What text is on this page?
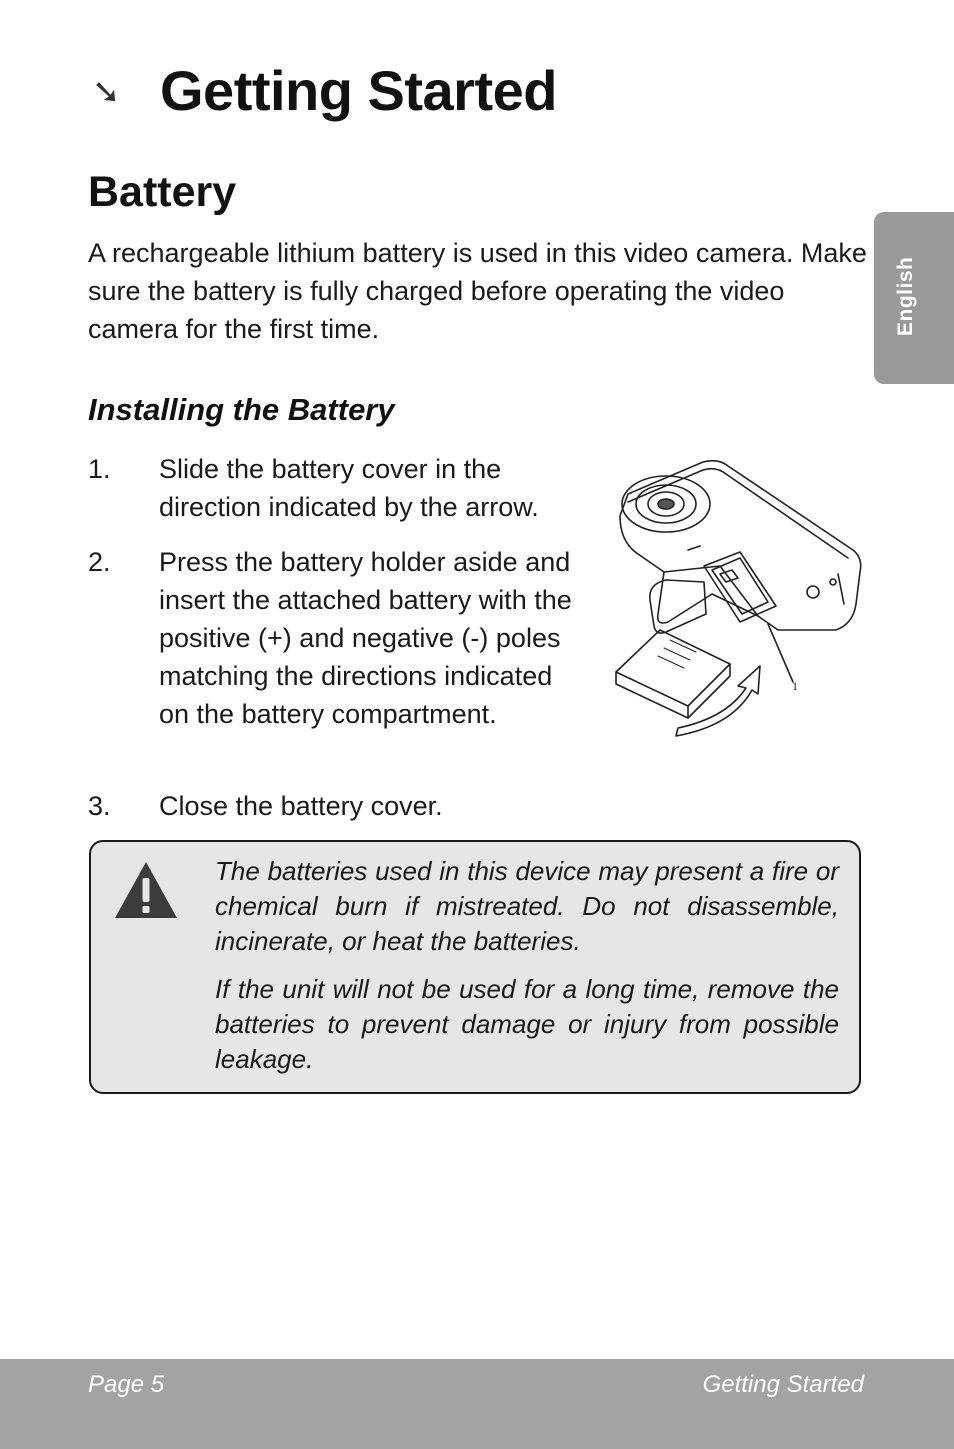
➘ Getting Started
English
Battery

A rechargeable lithium battery is used in this video camera. Make sure the battery is fully charged before operating the video camera for the first time.

Installing the Battery
1. Slide the battery cover in the direction indicated by the arrow.
2. Press the battery holder aside and insert the attached battery with the positive (+) and negative (-) poles matching the directions indicated on the battery compartment.
3. Close the battery cover.
1

The batteries used in this device may present a fire or chemical burn if mistreated. Do not disassemble, incinerate, or heat the batteries.

If the unit will not be used for a long time, remove the batteries to prevent damage or injury from possible leakage.

Page 5	Getting Started
